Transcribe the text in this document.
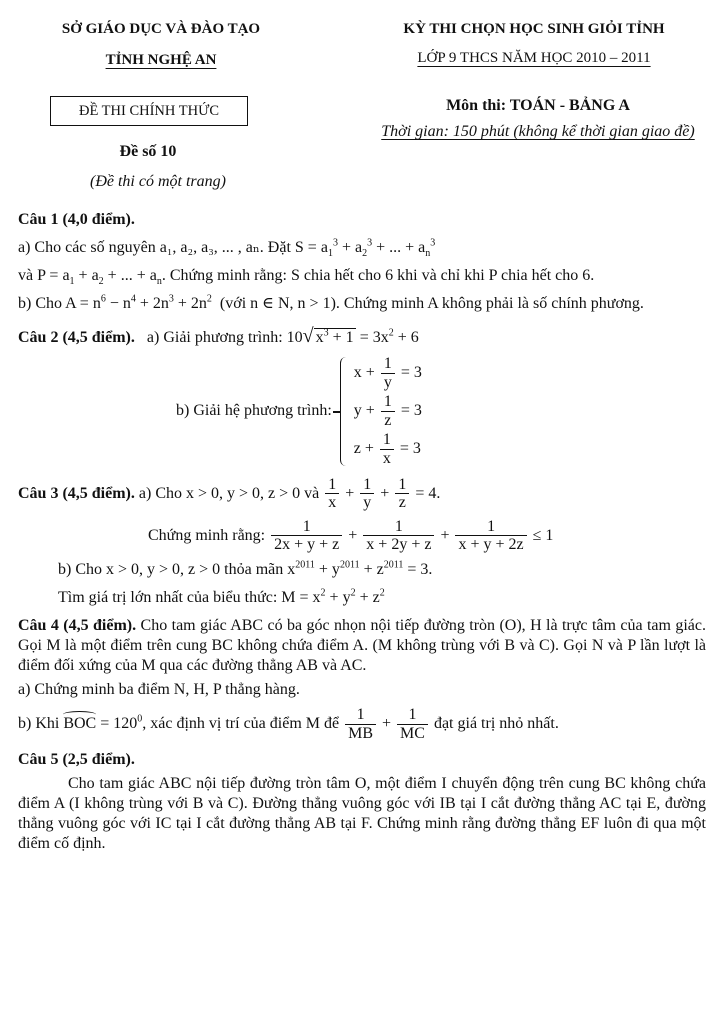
SỞ GIÁO DỤC VÀ ĐÀO TẠO
TỈNH NGHỆ AN
KỲ THI CHỌN HỌC SINH GIỎI TỈNH
LỚP 9 THCS NĂM HỌC 2010 – 2011
ĐỀ THI CHÍNH THỨC	Môn thi: TOÁN - BẢNG A
Thời gian: 150 phút (không kể thời gian giao đề)
Đề số 10
(Đề thi có một trang)

Câu 1 (4,0 điểm).

a) Cho các số nguyên a₁, a₂, a₃, ... , aₙ. Đặt $S = a_1^3 + a_2^3$ + ... + $a_n^3$

và $P = a_1 + a_2$ + ... + $a_n$. Chứng minh rằng: S chia hết cho 6 khi và chỉ khi P chia hết cho 6.

b) Cho $A = n^6 - n^4 + 2n^3 + 2n^2$ (với n ∈ N, n > 1). Chứng minh A không phải là số chính phương.

Câu 2 (4,5 điểm). a) Giải phương trình: 10√ $x^3 + 1 = 3x^2 + 6$

b) Giải hệ phương trình:
$x + \frac{1}{y} = 3$
$y + \frac{1}{z} = 3$
$z + \frac{1}{x} = 3$

Câu 3 (4,5 điểm). a) Cho x > 0, y > 0, z > 0 và $\frac{1}{x} + \frac{1}{y} + \frac{1}{z} = 4$.

Chứng minh rằng: $\frac{1}{2x + y + z} + \frac{1}{x + 2y + z} + \frac{1}{x + y + 2z} \le 1$

b) Cho x > 0, y > 0, z > 0 thỏa mãn $x^{2011} + y^{2011} + z^{2011} = 3$.

Tìm giá trị lớn nhất của biểu thức: $M = x^2 + y^2 + z^2$

Câu 4 (4,5 điểm). Cho tam giác ABC có ba góc nhọn nội tiếp đường tròn (O), H là trực tâm của tam giác. Gọi M là một điểm trên cung BC không chứa điểm A. (M không trùng với B và C). Gọi N và P lần lượt là điểm đối xứng của M qua các đường thẳng AB và AC.

a) Chứng minh ba điểm N, H, P thẳng hàng.

b) Khi BOC = $120^0$, xác định vị trí của điểm M để $\frac{1}{MB} + \frac{1}{MC}$ đạt giá trị nhỏ nhất.

Câu 5 (2,5 điểm).

Cho tam giác ABC nội tiếp đường tròn tâm O, một điểm I chuyển động trên cung BC không chứa điểm A (I không trùng với B và C). Đường thẳng vuông góc với IB tại I cắt đường thẳng AC tại E, đường thẳng vuông góc với IC tại I cắt đường thẳng AB tại F. Chứng minh rằng đường thẳng EF luôn đi qua một điểm cố định.
